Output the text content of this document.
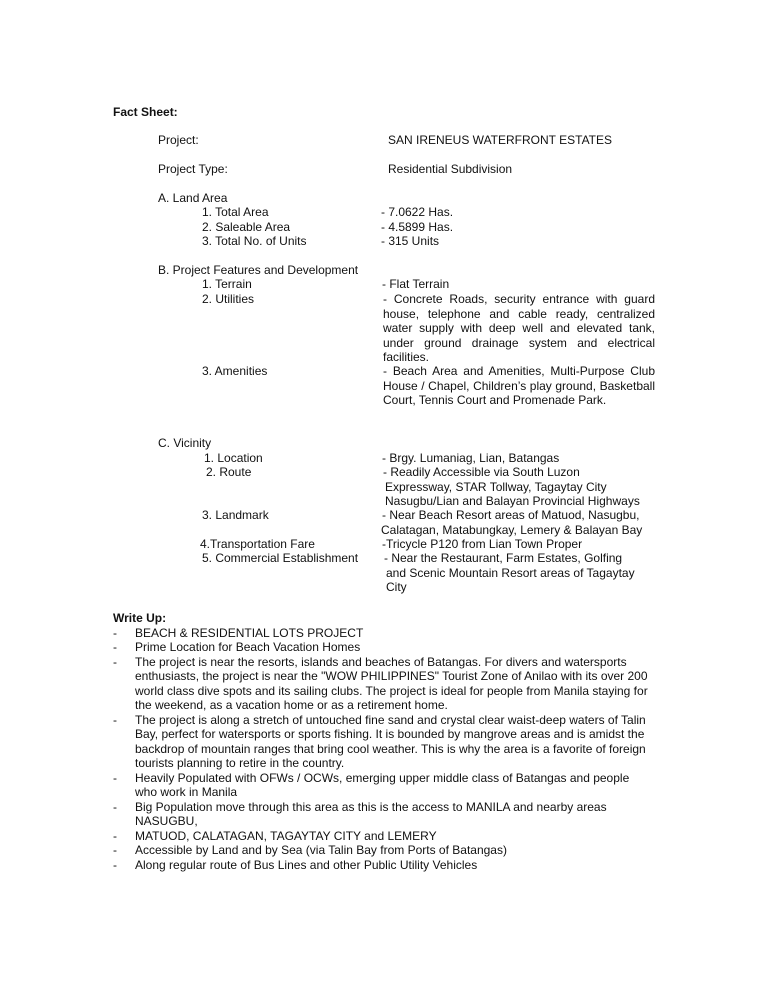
Fact Sheet:
Project:	SAN IRENEUS WATERFRONT ESTATES
Project Type:	Residential Subdivision
A. Land Area
1. Total Area	- 7.0622 Has.
2. Saleable Area	- 4.5899 Has.
3. Total No. of Units	- 315 Units
B. Project Features and Development
1. Terrain	- Flat Terrain
2. Utilities	- Concrete Roads, security entrance with guard house, telephone and cable ready, centralized water supply with deep well and elevated tank, under ground drainage system and electrical facilities.
3. Amenities	- Beach Area and Amenities, Multi-Purpose Club House / Chapel, Children’s play ground, Basketball Court, Tennis Court and Promenade Park.
C. Vicinity
1. Location	- Brgy. Lumaniag, Lian, Batangas
2. Route	- Readily Accessible via South Luzon
Expressway, STAR Tollway, Tagaytay City
Nasugbu/Lian and Balayan Provincial Highways
3. Landmark	- Near Beach Resort areas of Matuod, Nasugbu,
Calatagan, Matabungkay, Lemery & Balayan Bay
4.Transportation Fare	-Tricycle P120 from Lian Town Proper
5. Commercial Establishment - Near the Restaurant, Farm Estates, Golfing
and Scenic Mountain Resort areas of Tagaytay
City
Write Up:
-	BEACH & RESIDENTIAL LOTS PROJECT
-	Prime Location for Beach Vacation Homes
-	The project is near the resorts, islands and beaches of Batangas. For divers and watersports enthusiasts, the project is near the "WOW PHILIPPINES" Tourist Zone of Anilao with its over 200 world class dive spots and its sailing clubs. The project is ideal for people from Manila staying for the weekend, as a vacation home or as a retirement home.
-	The project is along a stretch of untouched fine sand and crystal clear waist-deep waters of Talin Bay, perfect for watersports or sports fishing. It is bounded by mangrove areas and is amidst the backdrop of mountain ranges that bring cool weather. This is why the area is a favorite of foreign tourists planning to retire in the country.
-	Heavily Populated with OFWs / OCWs, emerging upper middle class of Batangas and people who work in Manila
-	Big Population move through this area as this is the access to MANILA and nearby areas NASUGBU,
-	MATUOD, CALATAGAN, TAGAYTAY CITY and LEMERY
-	Accessible by Land and by Sea (via Talin Bay from Ports of Batangas)
-	Along regular route of Bus Lines and other Public Utility Vehicles
